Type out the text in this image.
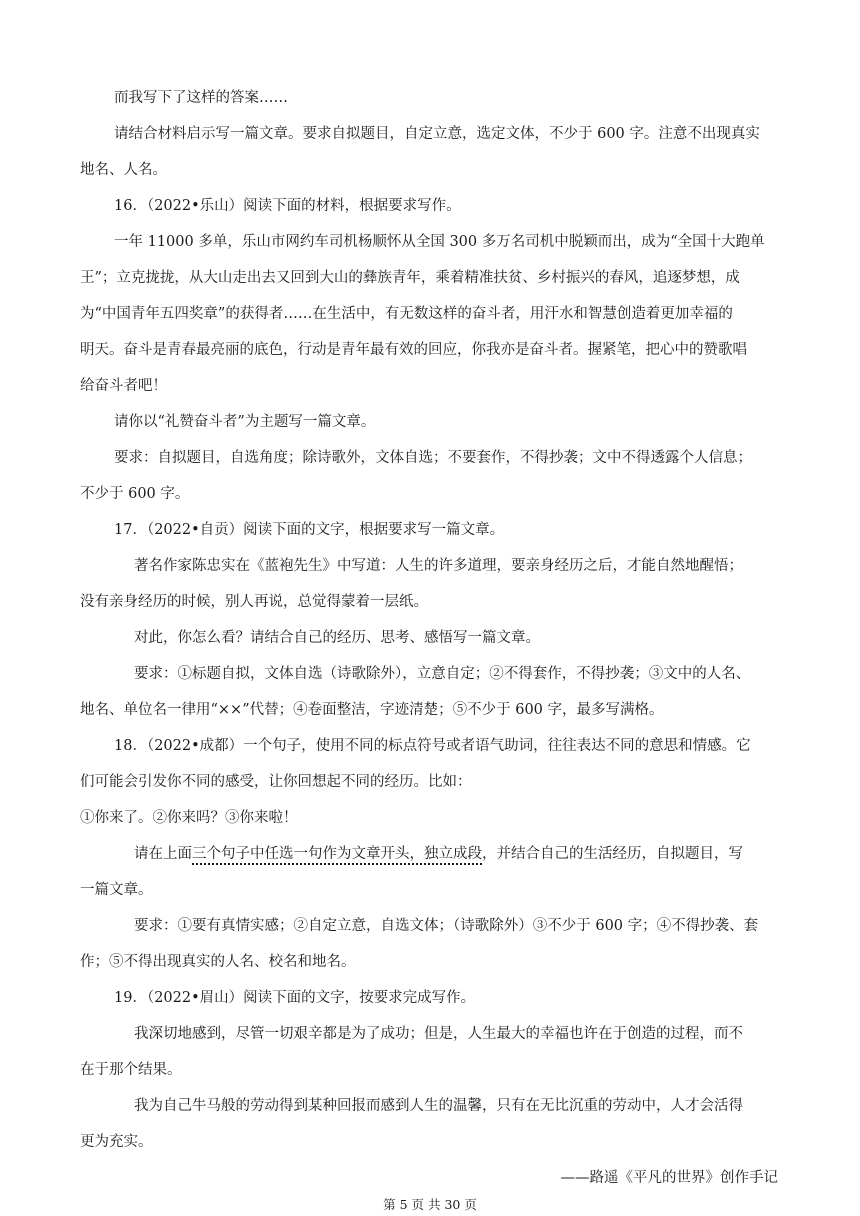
而我写下了这样的答案……
请结合材料启示写一篇文章。要求自拟题目，自定立意，选定文体，不少于 600 字。注意不出现真实
地名、人名。
16．（2022•乐山）阅读下面的材料，根据要求写作。
一年 11000 多单，乐山市网约车司机杨顺怀从全国 300 多万名司机中脱颖而出，成为“全国十大跑单
王”；立克拢拢，从大山走出去又回到大山的彝族青年，乘着精准扶贫、乡村振兴的春风，追逐梦想，成
为“中国青年五四奖章”的获得者……在生活中，有无数这样的奋斗者，用汗水和智慧创造着更加幸福的
明天。奋斗是青春最亮丽的底色，行动是青年最有效的回应，你我亦是奋斗者。握紧笔，把心中的赞歌唱
给奋斗者吧！
请你以“礼赞奋斗者”为主题写一篇文章。
要求：自拟题目，自选角度；除诗歌外，文体自选；不要套作，不得抄袭；文中不得透露个人信息；
不少于 600 字。
17．（2022•自贡）阅读下面的文字，根据要求写一篇文章。
著名作家陈忠实在《蓝袍先生》中写道：人生的许多道理，要亲身经历之后，才能自然地醒悟；
没有亲身经历的时候，别人再说，总觉得蒙着一层纸。
对此，你怎么看？请结合自己的经历、思考、感悟写一篇文章。
要求：①标题自拟，文体自选（诗歌除外），立意自定；②不得套作，不得抄袭；③文中的人名、
地名、单位名一律用“××”代替；④卷面整洁，字迹清楚；⑤不少于 600 字，最多写满格。
18．（2022•成都）一个句子，使用不同的标点符号或者语气助词，往往表达不同的意思和情感。它
们可能会引发你不同的感受，让你回想起不同的经历。比如：
①你来了。②你来吗？③你来啦！
请在上面三个句子中任选一句作为文章开头，独立成段，并结合自己的生活经历，自拟题目，写
一篇文章。
要求：①要有真情实感；②自定立意，自选文体；（诗歌除外）③不少于 600 字；④不得抄袭、套
作；⑤不得出现真实的人名、校名和地名。
19．（2022•眉山）阅读下面的文字，按要求完成写作。
我深切地感到，尽管一切艰辛都是为了成功；但是，人生最大的幸福也许在于创造的过程，而不
在于那个结果。
我为自己牛马般的劳动得到某种回报而感到人生的温馨，只有在无比沉重的劳动中，人才会活得
更为充实。
——路遥《平凡的世界》创作手记
第 5 页 共 30 页
